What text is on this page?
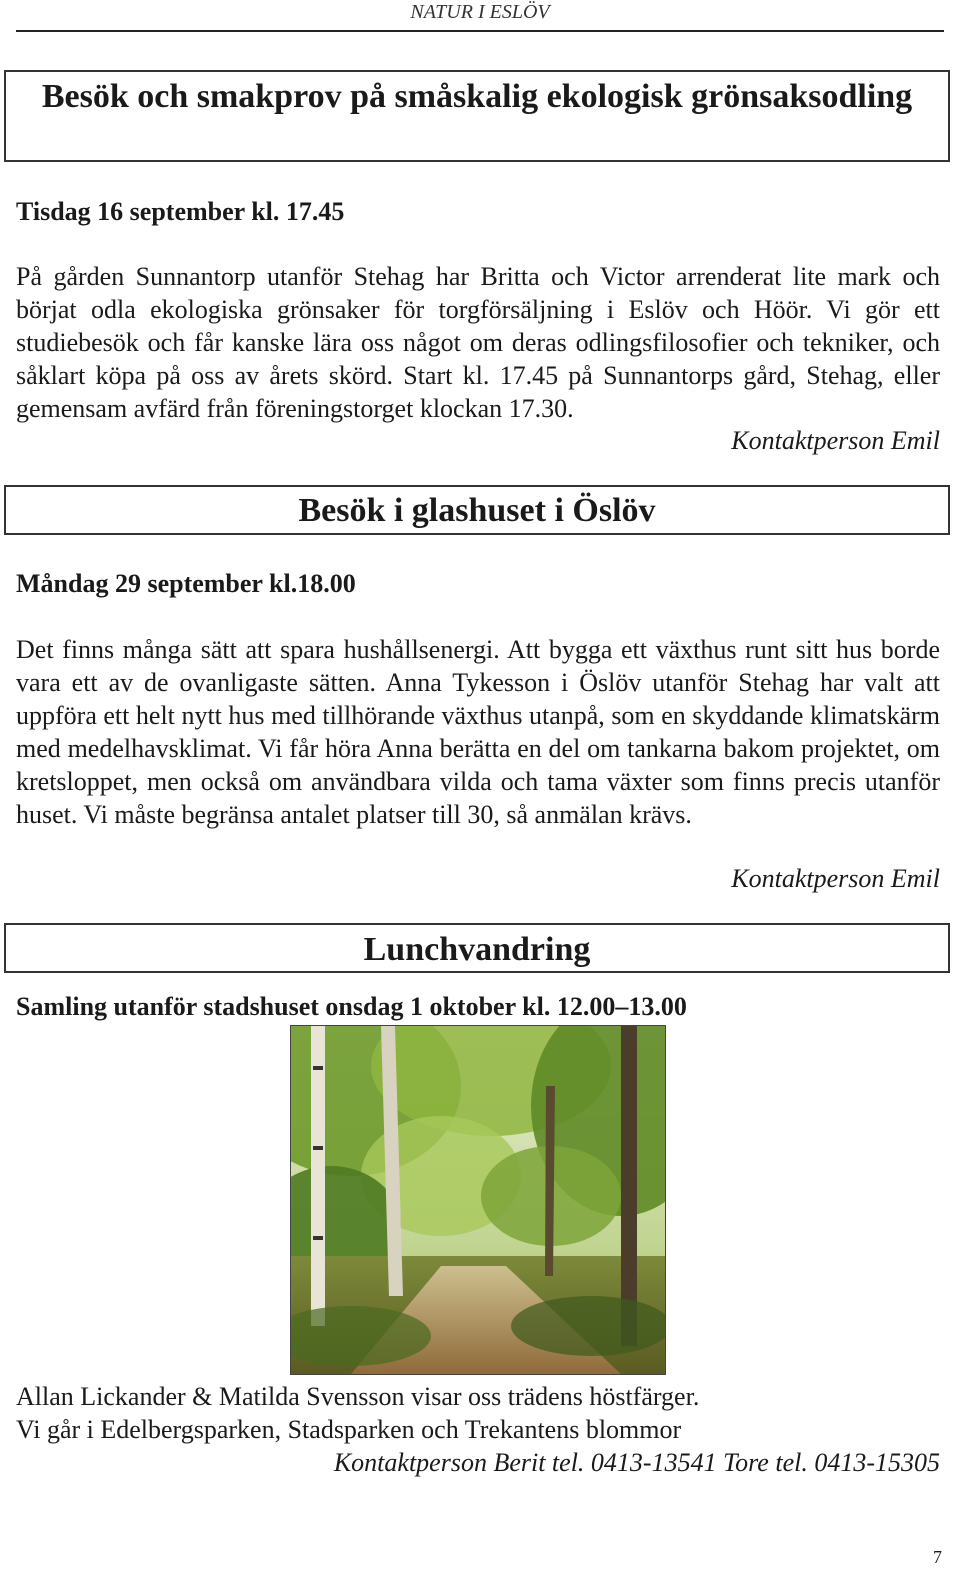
NATUR I ESLÖV
Besök och smakprov på småskalig ekologisk grönsaksodling
Tisdag 16 september kl. 17.45

På gården Sunnantorp utanför Stehag har Britta och Victor arrenderat lite mark och börjat odla ekologiska grönsaker för torgförsäljning i Eslöv och Höör. Vi gör ett studiebesök och får kanske lära oss något om deras odlingsfilosofier och tekniker, och såklart köpa på oss av årets skörd. Start kl. 17.45 på Sunnantorps gård, Stehag, eller gemensam avfärd från föreningstorget klockan 17.30.

Kontaktperson Emil
Besök i glashuset i Öslöv
Måndag 29 september kl.18.00

Det finns många sätt att spara hushållsenergi. Att bygga ett växthus runt sitt hus borde vara ett av de ovanligaste sätten. Anna Tykesson i Öslöv utanför Stehag har valt att uppföra ett helt nytt hus med tillhörande växthus utanpå, som en skyddande klimatskärm med medelhavsklimat. Vi får höra Anna berätta en del om tankarna bakom projektet, om kretsloppet, men också om användbara vilda och tama växter som finns precis utanför huset. Vi måste begränsa antalet platser till 30, så anmälan krävs.

Kontaktperson Emil
Lunchvandring
Samling utanför stadshuset onsdag 1 oktober kl. 12.00–13.00
Allan Lickander & Matilda Svensson visar oss trädens höstfärger.
Vi går i Edelbergsparken, Stadsparken och Trekantens blommor
Kontaktperson Berit tel. 0413-13541 Tore tel. 0413-15305
7
